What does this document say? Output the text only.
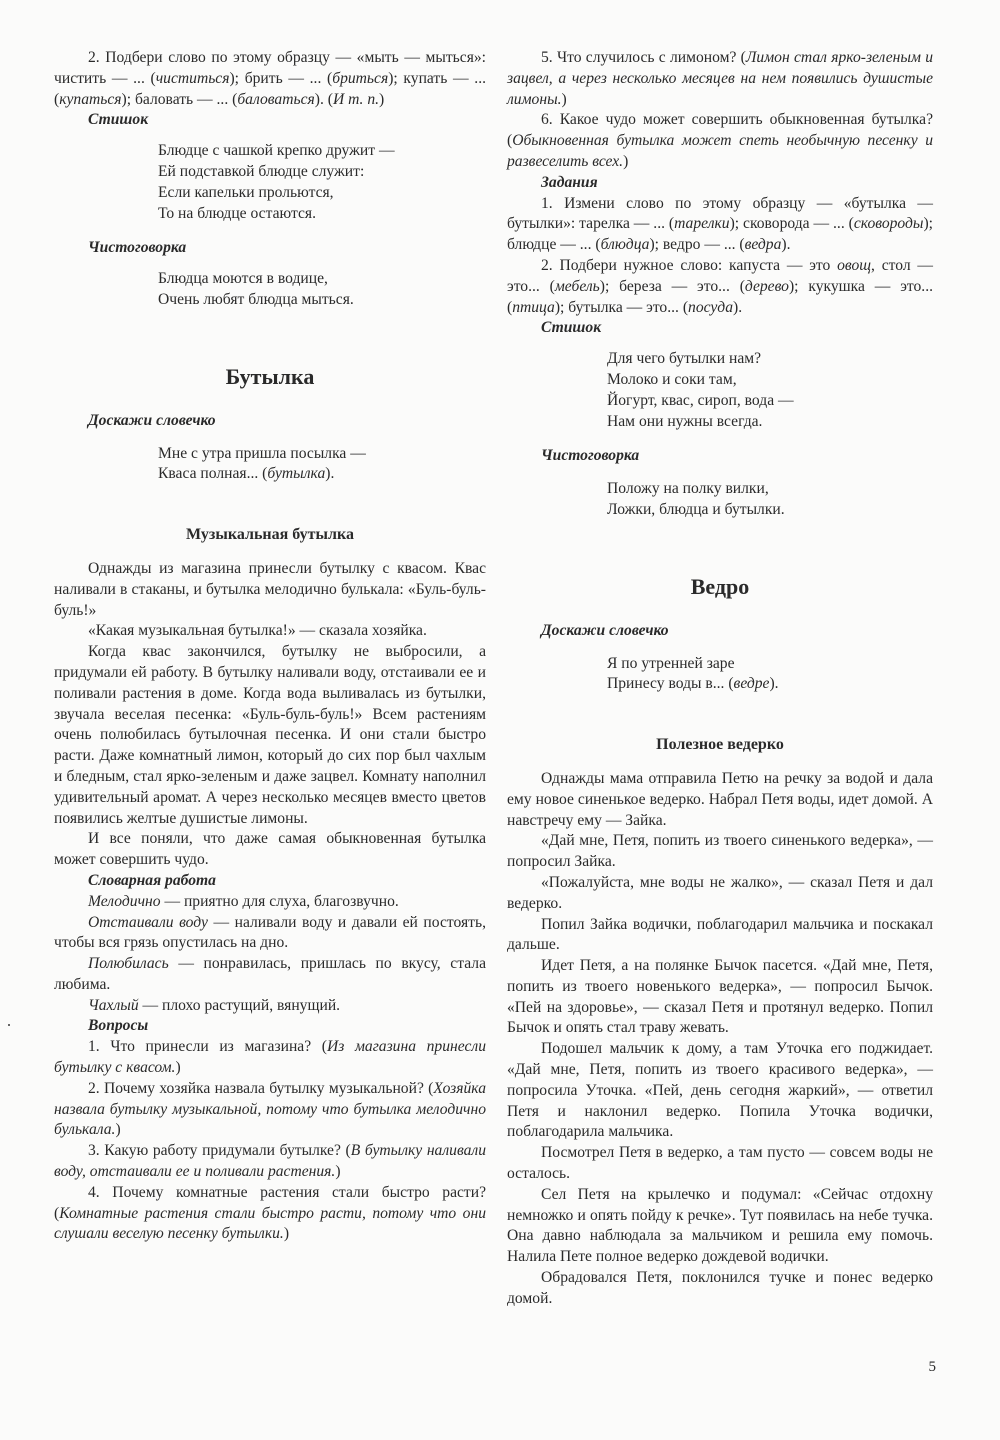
2. Подбери слово по этому образцу — «мыть — мыться»: чистить — ... (чиститься); брить — ... (бриться); купать — ... (купаться); баловать — ... (баловаться). (И т. п.)

Стишок
Блюдце с чашкой крепко дружит —
Ей подставкой блюдце служит:
Если капельки прольются,
То на блюдце остаются.
Чистоговорка
Блюдца моются в водице,
Очень любят блюдца мыться.
Бутылка
Доскажи словечко
Мне с утра пришла посылка —
Кваса полная... (бутылка).
Музыкальная бутылка

Однажды из магазина принесли бутылку с квасом. Квас наливали в стаканы, и бутылка мелодично булькала: «Буль-буль-буль!»

«Какая музыкальная бутылка!» — сказала хозяйка.

Когда квас закончился, бутылку не выбросили, а придумали ей работу. В бутылку наливали воду, отстаивали ее и поливали растения в доме. Когда вода выливалась из бутылки, звучала веселая песенка: «Буль-буль-буль!» Всем растениям очень полюбилась бутылочная песенка. И они стали быстро расти. Даже комнатный лимон, который до сих пор был чахлым и бледным, стал ярко-зеленым и даже зацвел. Комнату наполнил удивительный аромат. А через несколько месяцев вместо цветов появились желтые душистые лимоны.

И все поняли, что даже самая обыкновенная бутылка может совершить чудо.

Словарная работа

Мелодично — приятно для слуха, благозвучно.

Отстаивали воду — наливали воду и давали ей постоять, чтобы вся грязь опустилась на дно.

Полюбилась — понравилась, пришлась по вкусу, стала любима.

Чахлый — плохо растущий, вянущий.

Вопросы

1. Что принесли из магазина? (Из магазина принесли бутылку с квасом.)

2. Почему хозяйка назвала бутылку музыкальной? (Хозяйка назвала бутылку музыкальной, потому что бутылка мелодично булькала.)

3. Какую работу придумали бутылке? (В бутылку наливали воду, отстаивали ее и поливали растения.)

4. Почему комнатные растения стали быстро расти? (Комнатные растения стали быстро расти, потому что они слушали веселую песенку бутылки.)

5. Что случилось с лимоном? (Лимон стал ярко-зеленым и зацвел, а через несколько месяцев на нем появились душистые лимоны.)

6. Какое чудо может совершить обыкновенная бутылка? (Обыкновенная бутылка может спеть необычную песенку и развеселить всех.)

Задания

1. Измени слово по этому образцу — «бутылка — бутылки»: тарелка — ... (тарелки); сковорода — ... (сковороды); блюдце — ... (блюдца); ведро — ... (ведра).

2. Подбери нужное слово: капуста — это овощ, стол — это... (мебель); береза — это... (дерево); кукушка — это... (птица); бутылка — это... (посуда).

Стишок
Для чего бутылки нам?
Молоко и соки там,
Йогурт, квас, сироп, вода —
Нам они нужны всегда.
Чистоговорка
Положу на полку вилки,
Ложки, блюдца и бутылки.
Ведро
Доскажи словечко
Я по утренней заре
Принесу воды в... (ведре).
Полезное ведерко

Однажды мама отправила Петю на речку за водой и дала ему новое синенькое ведерко. Набрал Петя воды, идет домой. А навстречу ему — Зайка.

«Дай мне, Петя, попить из твоего синенького ведерка», — попросил Зайка.

«Пожалуйста, мне воды не жалко», — сказал Петя и дал ведерко.

Попил Зайка водички, поблагодарил мальчика и поскакал дальше.

Идет Петя, а на полянке Бычок пасется. «Дай мне, Петя, попить из твоего новенького ведерка», — попросил Бычок. «Пей на здоровье», — сказал Петя и протянул ведерко. Попил Бычок и опять стал траву жевать.

Подошел мальчик к дому, а там Уточка его поджидает. «Дай мне, Петя, попить из твоего красивого ведерка», — попросила Уточка. «Пей, день сегодня жаркий», — ответил Петя и наклонил ведерко. Попила Уточка водички, поблагодарила мальчика.

Посмотрел Петя в ведерко, а там пусто — совсем воды не осталось.

Сел Петя на крылечко и подумал: «Сейчас отдохну немножко и опять пойду к речке». Тут появилась на небе тучка. Она давно наблюдала за мальчиком и решила ему помочь. Налила Пете полное ведерко дождевой водички.

Обрадовался Петя, поклонился тучке и понес ведерко домой.

5
